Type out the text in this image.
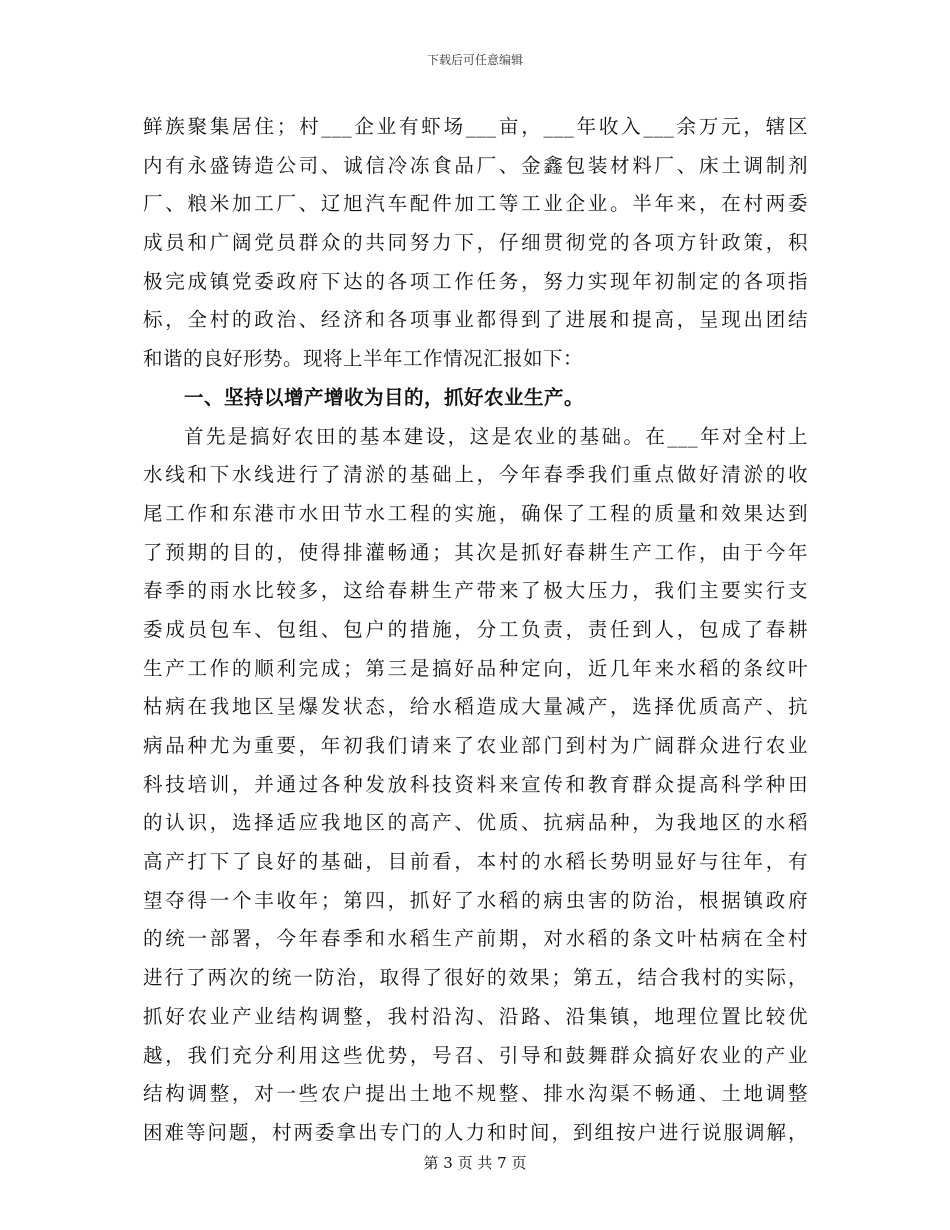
下载后可任意编辑
鲜族聚集居住；村___企业有虾场___亩，___年收入___余万元，辖区
内有永盛铸造公司、诚信冷冻食品厂、金鑫包装材料厂、床土调制剂
厂、粮米加工厂、辽旭汽车配件加工等工业企业。半年来，在村两委
成员和广阔党员群众的共同努力下，仔细贯彻党的各项方针政策，积
极完成镇党委政府下达的各项工作任务，努力实现年初制定的各项指
标，全村的政治、经济和各项事业都得到了进展和提高，呈现出团结
和谐的良好形势。现将上半年工作情况汇报如下：
一、坚持以增产增收为目的，抓好农业生产。
首先是搞好农田的基本建设，这是农业的基础。在___年对全村上
水线和下水线进行了清淤的基础上，今年春季我们重点做好清淤的收
尾工作和东港市水田节水工程的实施，确保了工程的质量和效果达到
了预期的目的，使得排灌畅通；其次是抓好春耕生产工作，由于今年
春季的雨水比较多，这给春耕生产带来了极大压力，我们主要实行支
委成员包车、包组、包户的措施，分工负责，责任到人，包成了春耕
生产工作的顺利完成；第三是搞好品种定向，近几年来水稻的条纹叶
枯病在我地区呈爆发状态，给水稻造成大量减产，选择优质高产、抗
病品种尤为重要，年初我们请来了农业部门到村为广阔群众进行农业
科技培训，并通过各种发放科技资料来宣传和教育群众提高科学种田
的认识，选择适应我地区的高产、优质、抗病品种，为我地区的水稻
高产打下了良好的基础，目前看，本村的水稻长势明显好与往年，有
望夺得一个丰收年；第四，抓好了水稻的病虫害的防治，根据镇政府
的统一部署，今年春季和水稻生产前期，对水稻的条文叶枯病在全村
进行了两次的统一防治，取得了很好的效果；第五，结合我村的实际，
抓好农业产业结构调整，我村沿沟、沿路、沿集镇，地理位置比较优
越，我们充分利用这些优势，号召、引导和鼓舞群众搞好农业的产业
结构调整，对一些农户提出土地不规整、排水沟渠不畅通、土地调整
困难等问题，村两委拿出专门的人力和时间，到组按户进行说服调解，
第 3 页 共 7 页
